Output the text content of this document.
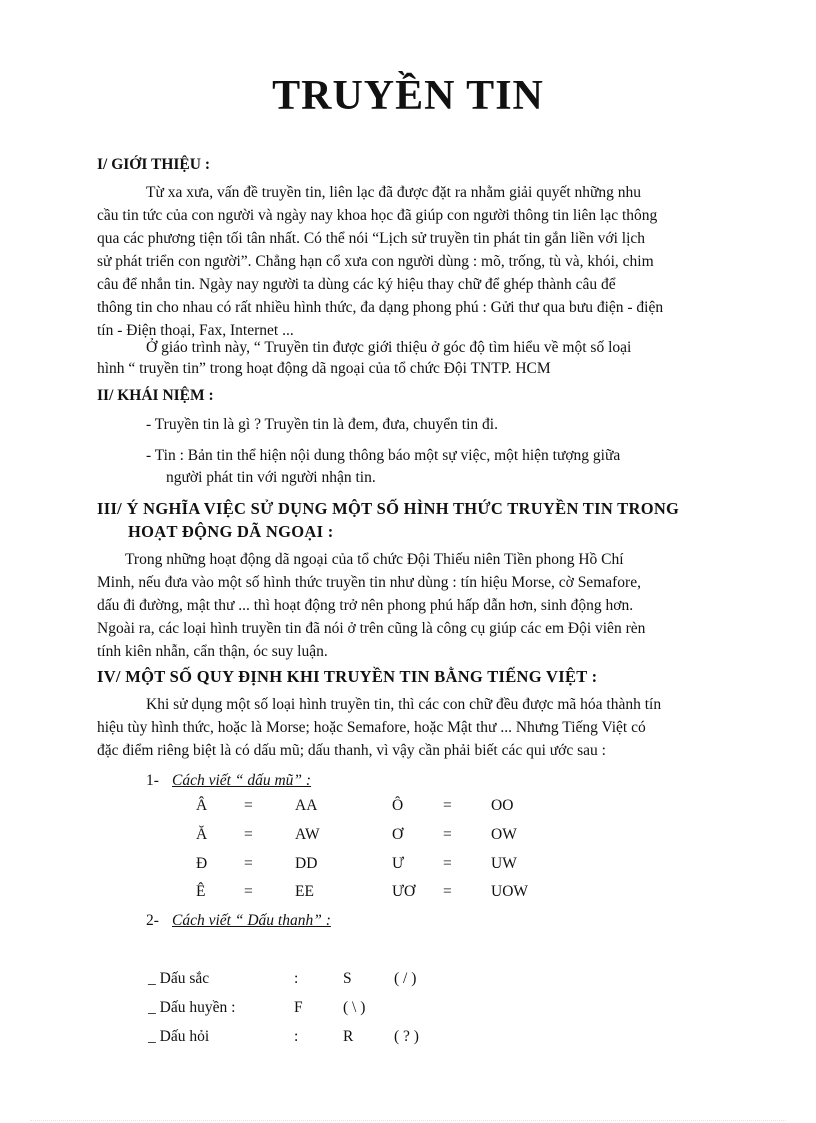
TRUYỀN TIN
I/ GIỚI THIỆU :
Từ xa xưa, vấn đề truyền tin, liên lạc đã được đặt ra nhằm giải quyết những nhu
cầu tin tức của con người và ngày nay khoa học đã giúp con người thông tin liên lạc thông
qua các phương tiện tối tân nhất. Có thể nói “Lịch sử truyền tin phát tin gắn liền với lịch
sử phát triển con người”. Chẳng hạn cổ xưa con người dùng : mõ, trống, tù và, khói, chim
câu để nhắn tin. Ngày nay người ta dùng các ký hiệu thay chữ để ghép thành câu để
thông tin cho nhau có rất nhiều hình thức, đa dạng phong phú : Gửi thư qua bưu điện - điện
tín - Điện thoại, Fax, Internet ...
Ở giáo trình này, “ Truyền tin được giới thiệu ở góc độ tìm hiểu về một số loại
hình “ truyền tin” trong hoạt động dã ngoại của tổ chức Đội TNTP. HCM
II/ KHÁI NIỆM :
- Truyền tin là gì ? Truyền tin là đem, đưa, chuyển tin đi.
- Tin : Bản tin thể hiện nội dung thông báo một sự việc, một hiện tượng giữa
người phát tin với người nhận tin.
III/ Ý NGHĨA VIỆC SỬ DỤNG MỘT SỐ HÌNH THỨC TRUYỀN TIN TRONG
HOẠT ĐỘNG DÃ NGOẠI :
Trong những hoạt động dã ngoại của tổ chức Đội Thiếu niên Tiền phong Hồ Chí
Minh, nếu đưa vào một số hình thức truyền tin như dùng : tín hiệu Morse, cờ Semafore,
dấu đi đường, mật thư ... thì hoạt động trở nên phong phú hấp dẫn hơn, sinh động hơn.
Ngoài ra, các loại hình truyền tin đã nói ở trên cũng là công cụ giúp các em Đội viên rèn
tính kiên nhẫn, cẩn thận, óc suy luận.
IV/ MỘT SỐ QUY ĐỊNH KHI TRUYỀN TIN BẰNG TIẾNG VIỆT :
Khi sử dụng một số loại hình truyền tin, thì các con chữ đều được mã hóa thành tín
hiệu tùy hình thức, hoặc là Morse; hoặc Semafore, hoặc Mật thư ... Nhưng Tiếng Việt có
đặc điểm riêng biệt là có dấu mũ; dấu thanh, vì vậy cần phải biết các qui ước sau :
1- Cách viết “ dấu mũ” :
Â =	AA	Ô	=	OO
Ă =	AW	Ơ	=	OW
Đ =	DD	Ư	=	UW
Ê =	EE	ƯƠ =	UOW
2- Cách viết “ Dấu thanh” :
_ Dấu sắc	:	S	( / )
_ Dấu huyền :	F	( \ )
_ Dấu hỏi	:	R	( ? )
